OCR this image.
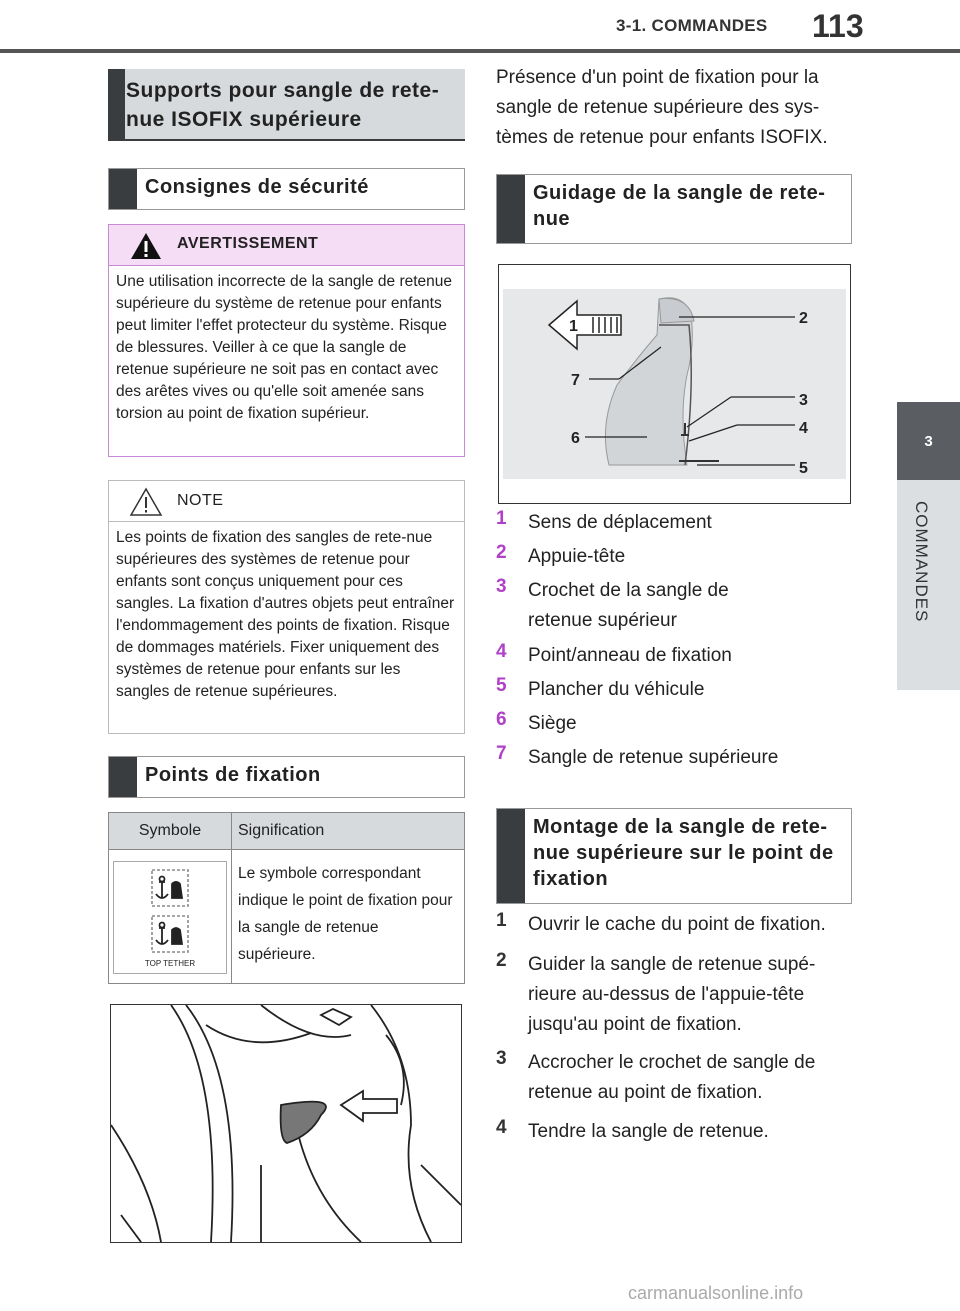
3-1. COMMANDES 113
3
COMMANDES
Supports pour sangle de rete-nue ISOFIX supérieure
Consignes de sécurité
AVERTISSEMENT
Une utilisation incorrecte de la sangle de retenue supérieure du système de retenue pour enfants peut limiter l'effet protecteur du système. Risque de blessures. Veiller à ce que la sangle de retenue supérieure ne soit pas en contact avec des arêtes vives ou qu'elle soit amenée sans torsion au point de fixation supérieur.
NOTE
Les points de fixation des sangles de rete-nue supérieures des systèmes de retenue pour enfants sont conçus uniquement pour ces sangles. La fixation d'autres objets peut entraîner l'endommagement des points de fixation. Risque de dommages matériels. Fixer uniquement des systèmes de retenue pour enfants sur les sangles de retenue supérieures.
Points de fixation
Symbole	Signification
TOP TETHER
Le symbole correspondant indique le point de fixation pour la sangle de retenue supérieure.
Présence d'un point de fixation pour la sangle de retenue supérieure des sys-tèmes de retenue pour enfants ISOFIX.
Guidage de la sangle de rete-nue
1	2
3
4
5
6
7
1	Sens de déplacement
2	Appuie-tête
3	Crochet de la sangle de retenue supérieur
4	Point/anneau de fixation
5	Plancher du véhicule
6	Siège
7	Sangle de retenue supérieure
Montage de la sangle de rete-nue supérieure sur le point de fixation
1	Ouvrir le cache du point de fixation.
2	Guider la sangle de retenue supé-rieure au-dessus de l'appuie-tête jusqu'au point de fixation.
3	Accrocher le crochet de sangle de retenue au point de fixation.
4	Tendre la sangle de retenue.
carmanualsonline.info
